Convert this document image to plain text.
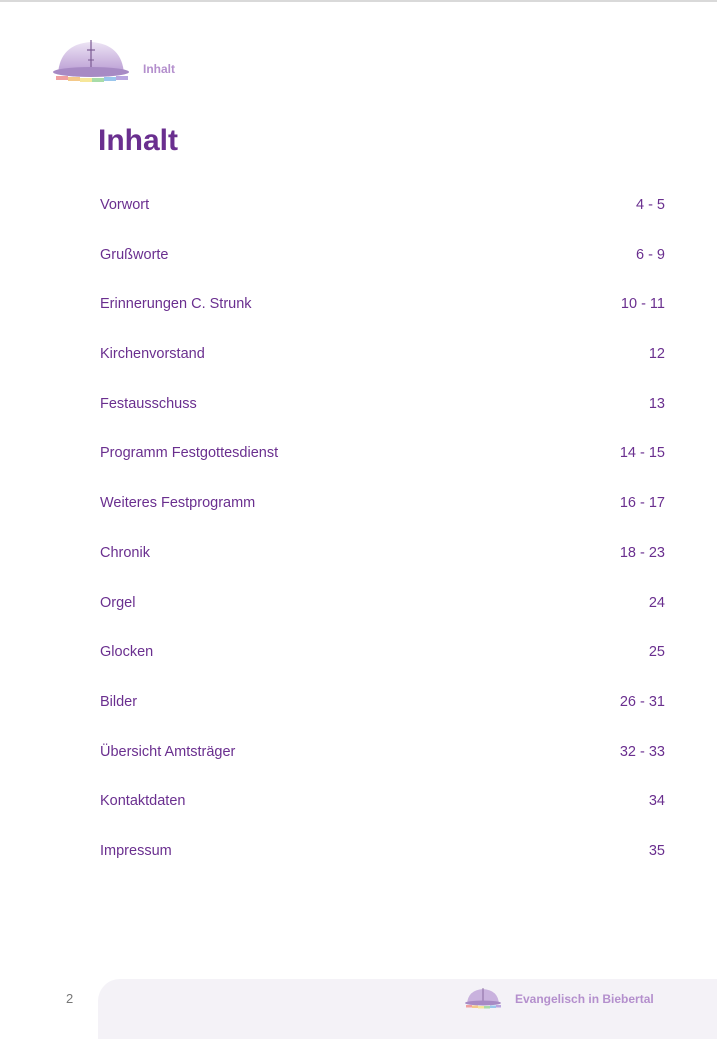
Inhalt
Inhalt
Vorwort	4 - 5
Grußworte	6 - 9
Erinnerungen C. Strunk	10 - 11
Kirchenvorstand	12
Festausschuss	13
Programm Festgottesdienst	14 - 15
Weiteres Festprogramm	16 - 17
Chronik	18 - 23
Orgel	24
Glocken	25
Bilder	26 - 31
Übersicht Amtsträger	32 - 33
Kontaktdaten	34
Impressum	35
2	Evangelisch in Biebertal
